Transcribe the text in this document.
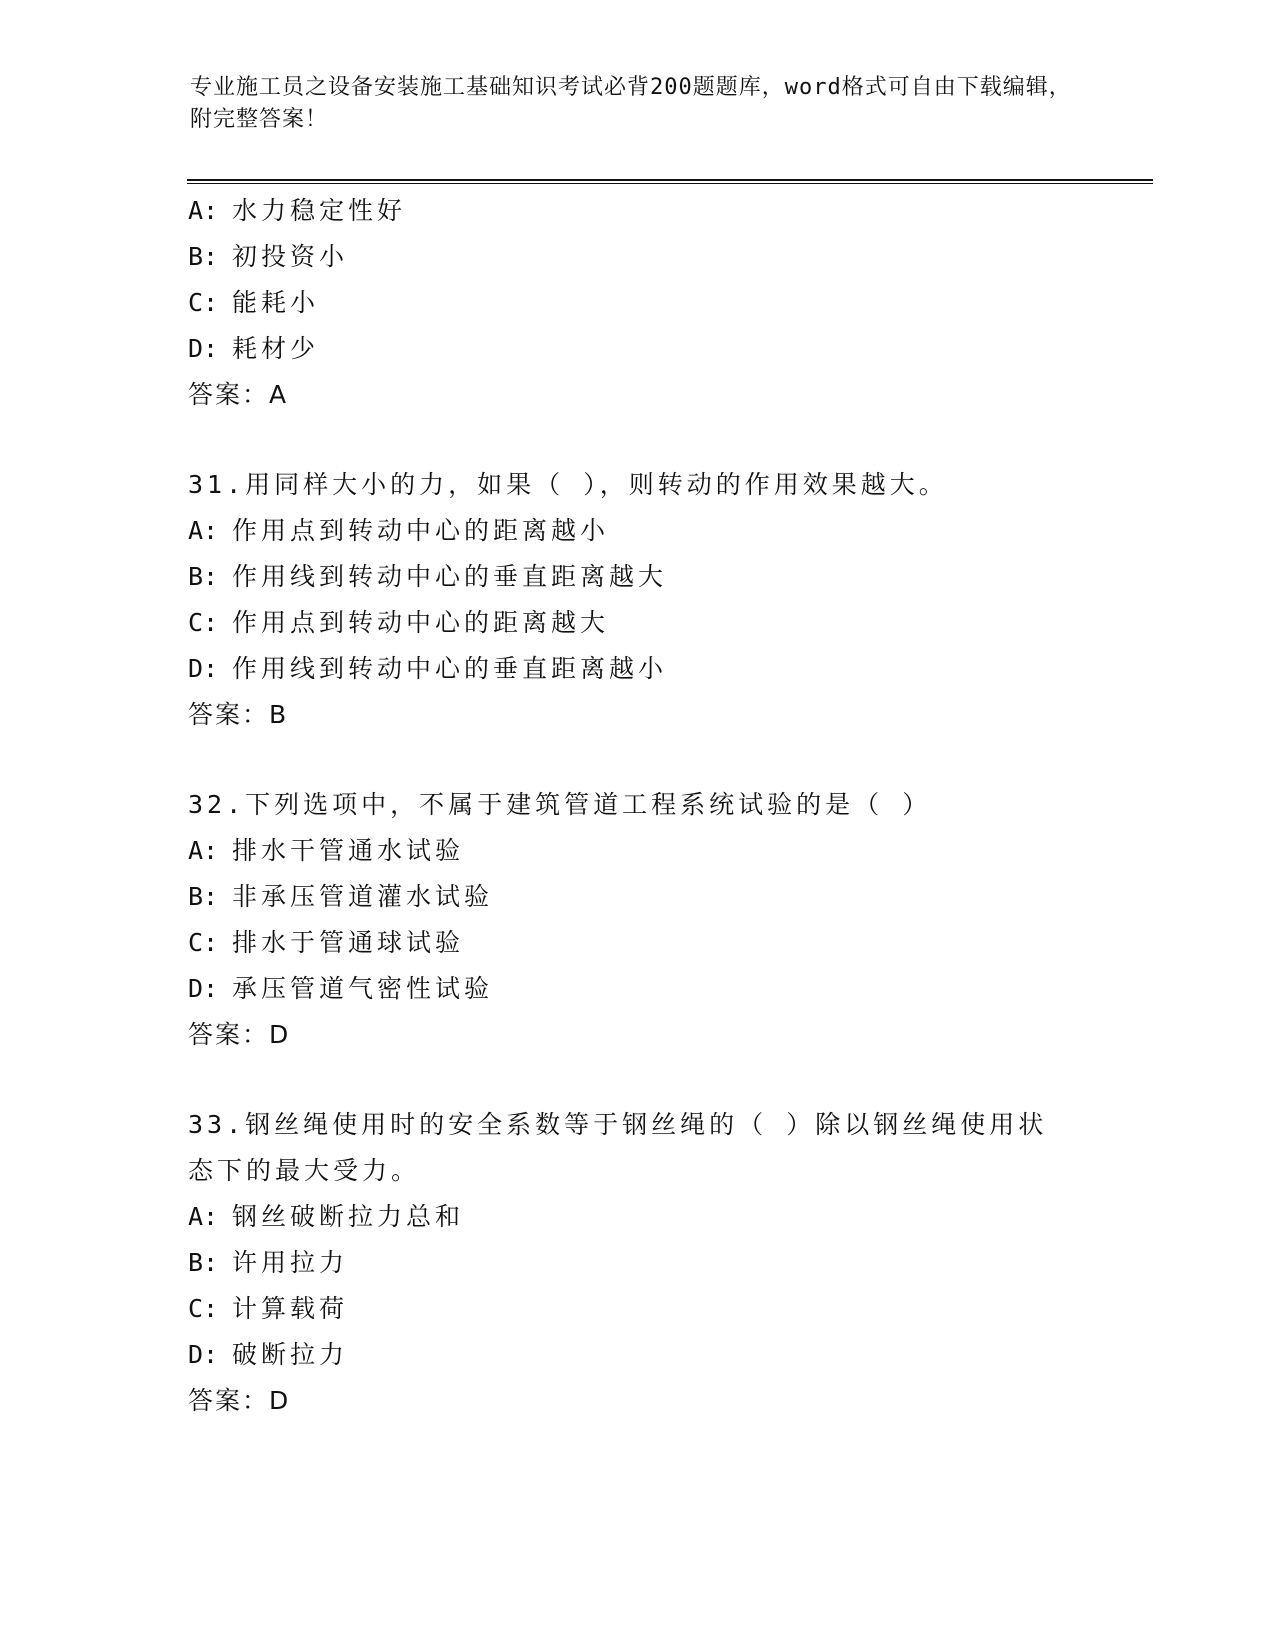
专业施工员之设备安装施工基础知识考试必背200题题库，word格式可自由下载编辑，附完整答案！
A: 水力稳定性好
B: 初投资小
C: 能耗小
D: 耗材少
答案：A
31.用同样大小的力，如果（ ），则转动的作用效果越大。
A: 作用点到转动中心的距离越小
B: 作用线到转动中心的垂直距离越大
C: 作用点到转动中心的距离越大
D: 作用线到转动中心的垂直距离越小
答案：B
32.下列选项中，不属于建筑管道工程系统试验的是（ ）
A: 排水干管通水试验
B: 非承压管道灌水试验
C: 排水于管通球试验
D: 承压管道气密性试验
答案：D
33.钢丝绳使用时的安全系数等于钢丝绳的（ ）除以钢丝绳使用状态下的最大受力。
A: 钢丝破断拉力总和
B: 许用拉力
C: 计算载荷
D: 破断拉力
答案：D
